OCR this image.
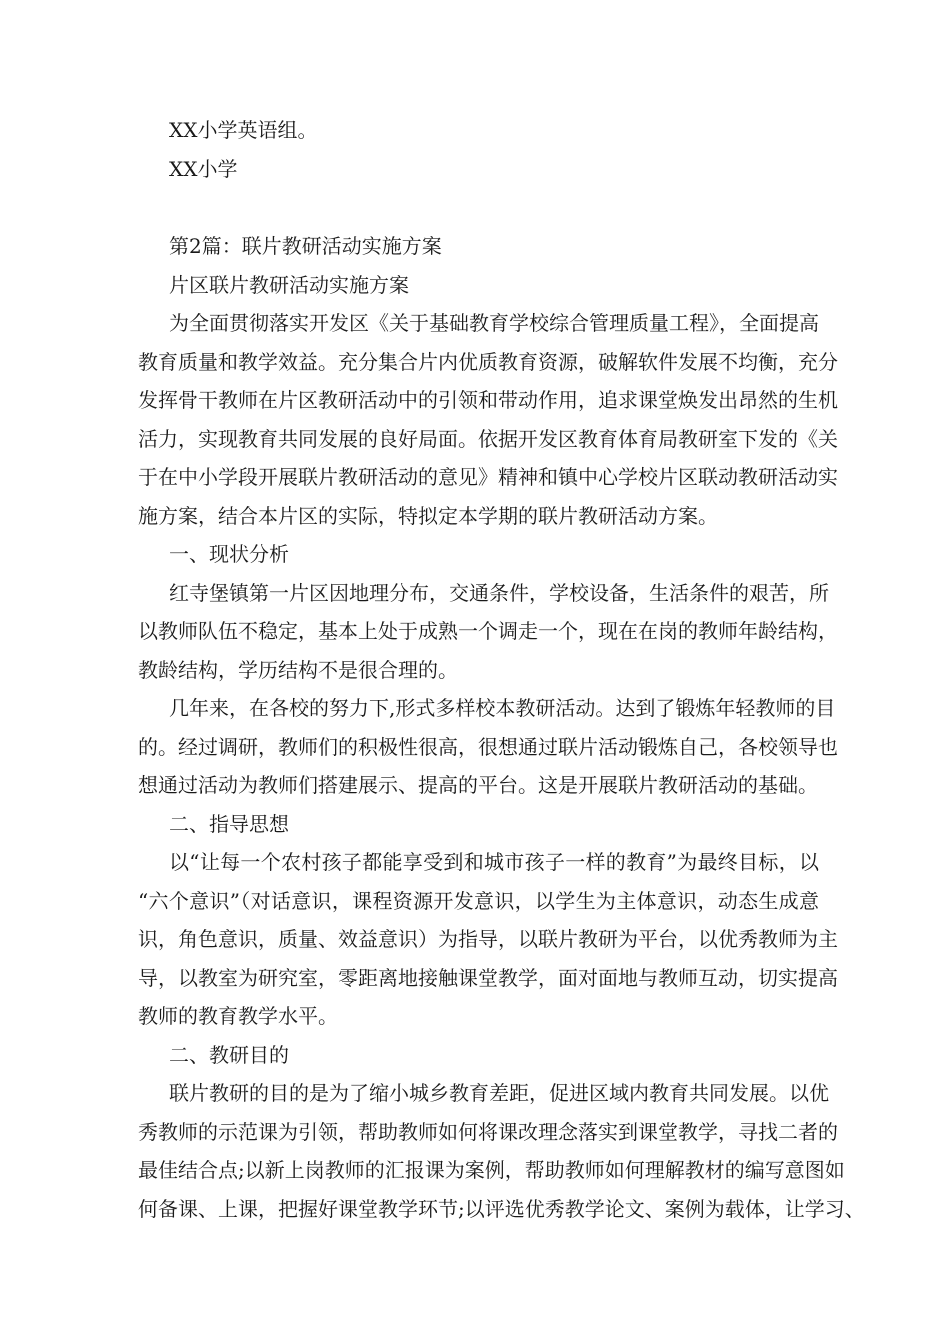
XX小学英语组。
XX小学
第2篇：联片教研活动实施方案
片区联片教研活动实施方案
为全面贯彻落实开发区《关于基础教育学校综合管理质量工程》，全面提高
教育质量和教学效益。充分集合片内优质教育资源，破解软件发展不均衡，充分
发挥骨干教师在片区教研活动中的引领和带动作用，追求课堂焕发出昂然的生机
活力，实现教育共同发展的良好局面。依据开发区教育体育局教研室下发的《关
于在中小学段开展联片教研活动的意见》精神和镇中心学校片区联动教研活动实
施方案，结合本片区的实际，特拟定本学期的联片教研活动方案。
一、现状分析
红寺堡镇第一片区因地理分布，交通条件，学校设备，生活条件的艰苦，所
以教师队伍不稳定，基本上处于成熟一个调走一个，现在在岗的教师年龄结构，
教龄结构，学历结构不是很合理的。
几年来，在各校的努力下,形式多样校本教研活动。达到了锻炼年轻教师的目
的。经过调研，教师们的积极性很高，很想通过联片活动锻炼自己，各校领导也
想通过活动为教师们搭建展示、提高的平台。这是开展联片教研活动的基础。
二、指导思想
以“让每一个农村孩子都能享受到和城市孩子一样的教育”为最终目标，以
“六个意识”（对话意识，课程资源开发意识，以学生为主体意识，动态生成意
识，角色意识，质量、效益意识）为指导，以联片教研为平台，以优秀教师为主
导，以教室为研究室，零距离地接触课堂教学，面对面地与教师互动，切实提高
教师的教育教学水平。
二、教研目的
联片教研的目的是为了缩小城乡教育差距，促进区域内教育共同发展。以优
秀教师的示范课为引领，帮助教师如何将课改理念落实到课堂教学，寻找二者的
最佳结合点;以新上岗教师的汇报课为案例，帮助教师如何理解教材的编写意图如
何备课、上课，把握好课堂教学环节;以评选优秀教学论文、案例为载体，让学习、
